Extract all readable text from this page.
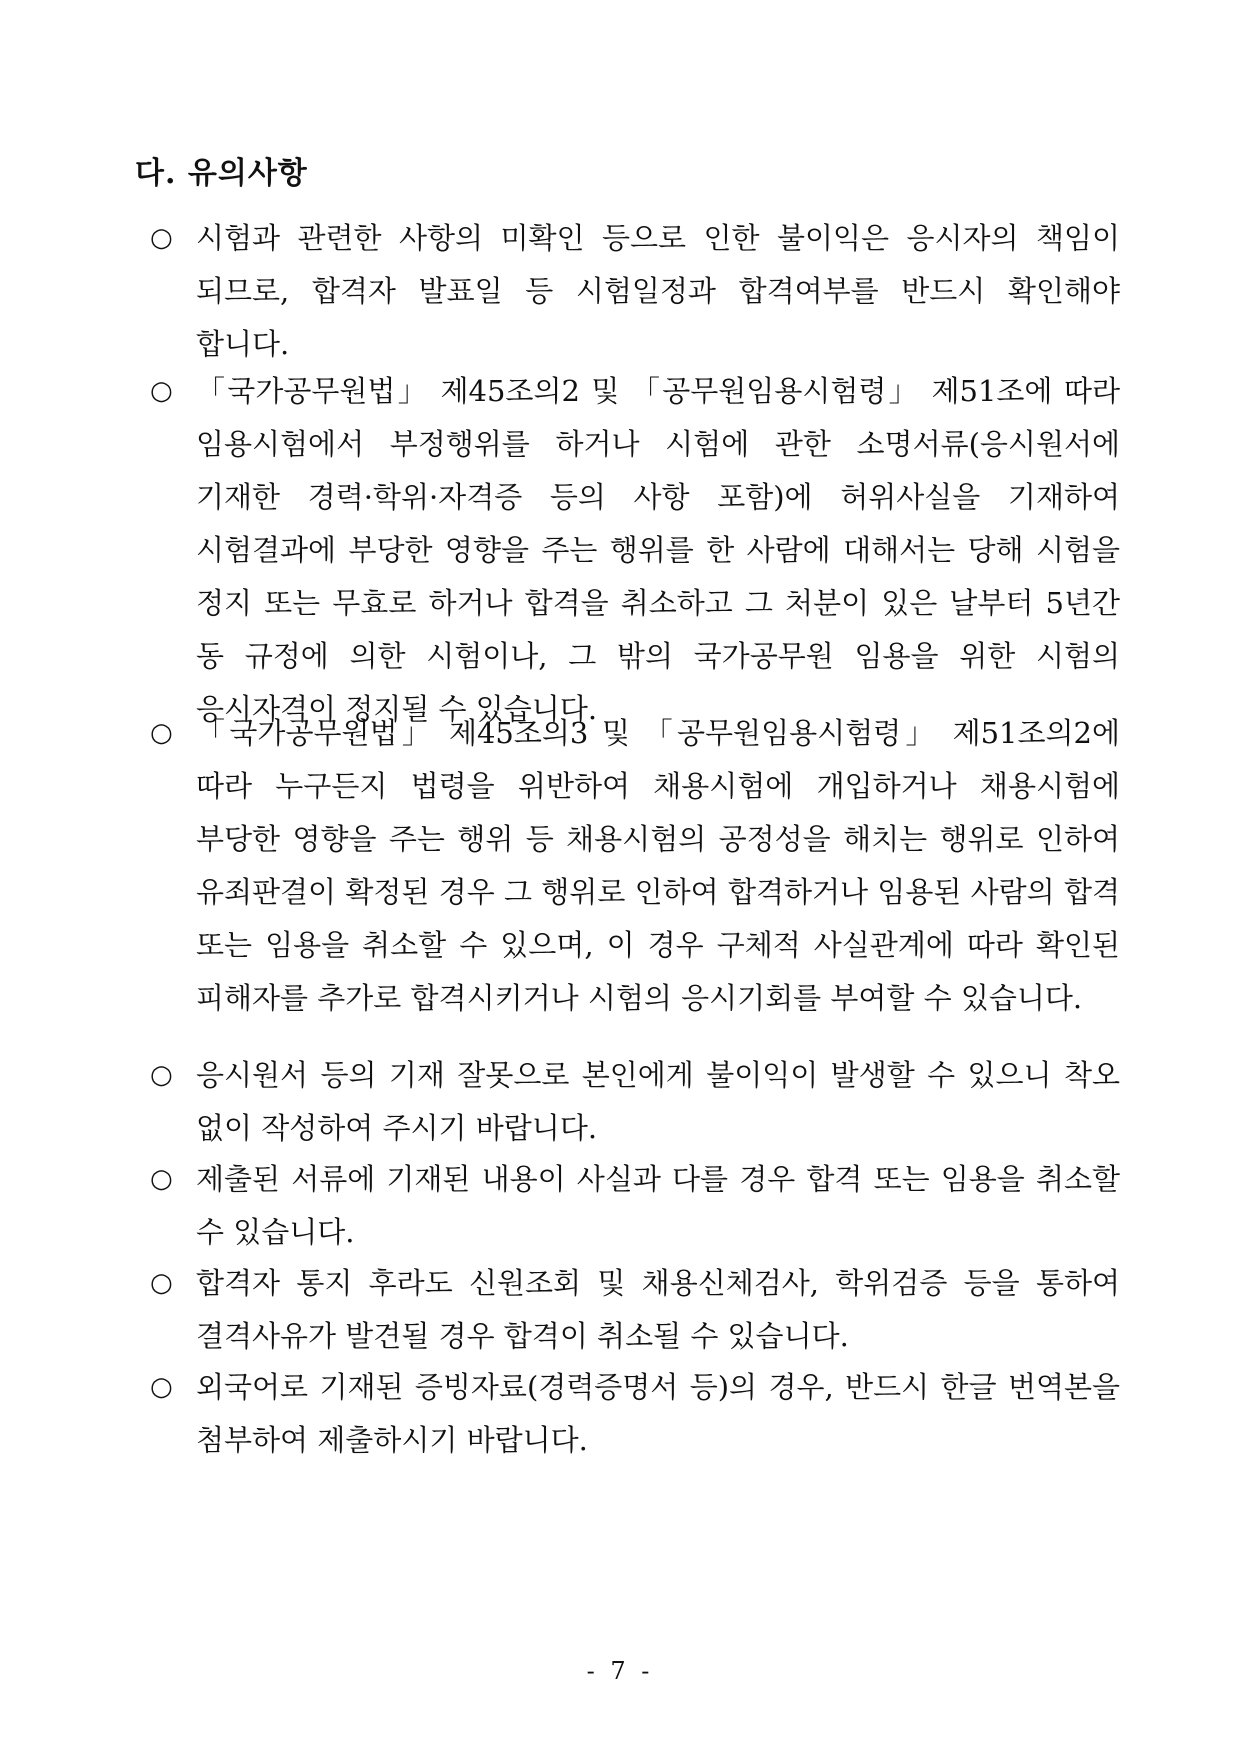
다. 유의사항
○ 시험과 관련한 사항의 미확인 등으로 인한 불이익은 응시자의 책임이 되므로, 합격자 발표일 등 시험일정과 합격여부를 반드시 확인해야 합니다.

○ 「국가공무원법」 제45조의2 및 「공무원임용시험령」 제51조에 따라 임용시험에서 부정행위를 하거나 시험에 관한 소명서류(응시원서에 기재한 경력·학위·자격증 등의 사항 포함)에 허위사실을 기재하여 시험결과에 부당한 영향을 주는 행위를 한 사람에 대해서는 당해 시험을 정지 또는 무효로 하거나 합격을 취소하고 그 처분이 있은 날부터 5년간 동 규정에 의한 시험이나, 그 밖의 국가공무원 임용을 위한 시험의 응시자격이 정지될 수 있습니다.

○ 「국가공무원법」 제45조의3 및 「공무원임용시험령」 제51조의2에 따라 누구든지 법령을 위반하여 채용시험에 개입하거나 채용시험에 부당한 영향을 주는 행위 등 채용시험의 공정성을 해치는 행위로 인하여 유죄판결이 확정된 경우 그 행위로 인하여 합격하거나 임용된 사람의 합격 또는 임용을 취소할 수 있으며, 이 경우 구체적 사실관계에 따라 확인된 피해자를 추가로 합격시키거나 시험의 응시기회를 부여할 수 있습니다.

○ 응시원서 등의 기재 잘못으로 본인에게 불이익이 발생할 수 있으니 착오 없이 작성하여 주시기 바랍니다.

○ 제출된 서류에 기재된 내용이 사실과 다를 경우 합격 또는 임용을 취소할 수 있습니다.

○ 합격자 통지 후라도 신원조회 및 채용신체검사, 학위검증 등을 통하여 결격사유가 발견될 경우 합격이 취소될 수 있습니다.

○ 외국어로 기재된 증빙자료(경력증명서 등)의 경우, 반드시 한글 번역본을 첨부하여 제출하시기 바랍니다.

- 7 -
